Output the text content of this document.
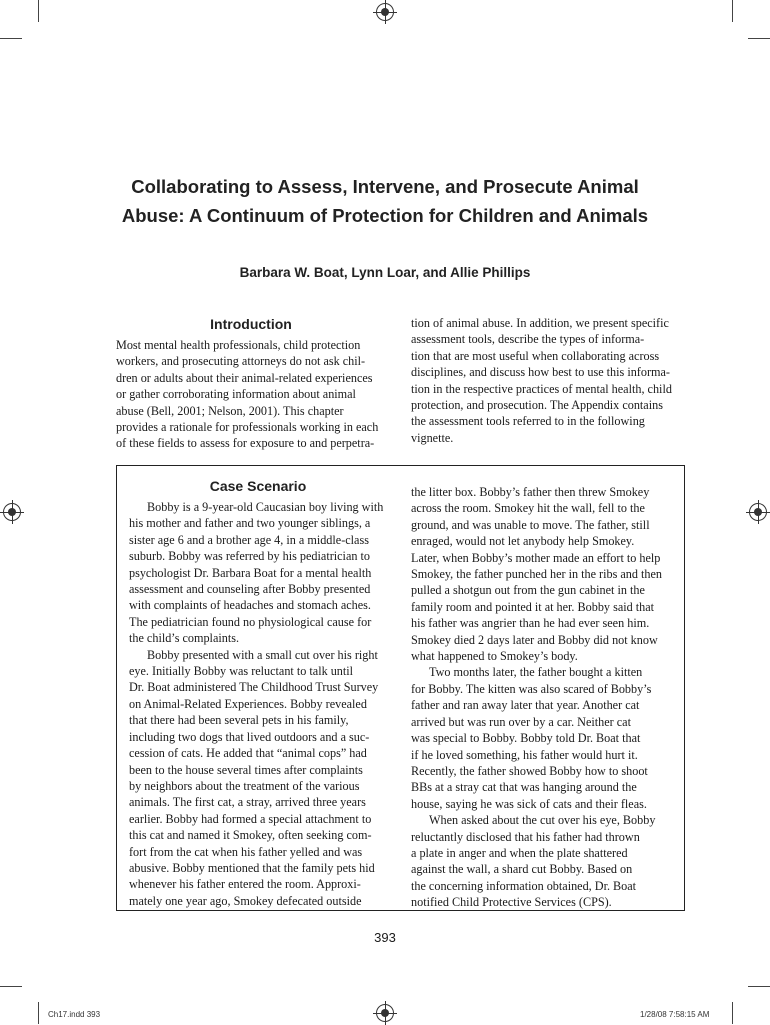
Collaborating to Assess, Intervene, and Prosecute Animal
Abuse: A Continuum of Protection for Children and Animals
Barbara W. Boat, Lynn Loar, and Allie Phillips
Introduction

Most mental health professionals, child protection

workers, and prosecuting attorneys do not ask chil-

dren or adults about their animal-related experiences

or gather corroborating information about animal

abuse (Bell, 2001; Nelson, 2001). This chapter

provides a rationale for professionals working in each

of these fields to assess for exposure to and perpetra-

tion of animal abuse. In addition, we present specific

assessment tools, describe the types of informa-

tion that are most useful when collaborating across

disciplines, and discuss how best to use this informa-

tion in the respective practices of mental health, child

protection, and prosecution. The Appendix contains

the assessment tools referred to in the following

vignette.

Case Scenario

Bobby is a 9-year-old Caucasian boy living with

his mother and father and two younger siblings, a

sister age 6 and a brother age 4, in a middle-class

suburb. Bobby was referred by his pediatrician to

psychologist Dr. Barbara Boat for a mental health

assessment and counseling after Bobby presented

with complaints of headaches and stomach aches.

The pediatrician found no physiological cause for

the child’s complaints.

Bobby presented with a small cut over his right

eye. Initially Bobby was reluctant to talk until

Dr. Boat administered The Childhood Trust Survey

on Animal-Related Experiences. Bobby revealed

that there had been several pets in his family,

including two dogs that lived outdoors and a suc-

cession of cats. He added that “animal cops” had

been to the house several times after complaints

by neighbors about the treatment of the various

animals. The first cat, a stray, arrived three years

earlier. Bobby had formed a special attachment to

this cat and named it Smokey, often seeking com-

fort from the cat when his father yelled and was

abusive. Bobby mentioned that the family pets hid

whenever his father entered the room. Approxi-

mately one year ago, Smokey defecated outside

the litter box. Bobby’s father then threw Smokey

across the room. Smokey hit the wall, fell to the

ground, and was unable to move. The father, still

enraged, would not let anybody help Smokey.

Later, when Bobby’s mother made an effort to help

Smokey, the father punched her in the ribs and then

pulled a shotgun out from the gun cabinet in the

family room and pointed it at her. Bobby said that

his father was angrier than he had ever seen him.

Smokey died 2 days later and Bobby did not know

what happened to Smokey’s body.

Two months later, the father bought a kitten

for Bobby. The kitten was also scared of Bobby’s

father and ran away later that year. Another cat

arrived but was run over by a car. Neither cat

was special to Bobby. Bobby told Dr. Boat that

if he loved something, his father would hurt it.

Recently, the father showed Bobby how to shoot

BBs at a stray cat that was hanging around the

house, saying he was sick of cats and their fleas.

When asked about the cut over his eye, Bobby

reluctantly disclosed that his father had thrown

a plate in anger and when the plate shattered

against the wall, a shard cut Bobby. Based on

the concerning information obtained, Dr. Boat

notified Child Protective Services (CPS).

393
Ch17.indd 393	1/28/08 7:58:15 AM
